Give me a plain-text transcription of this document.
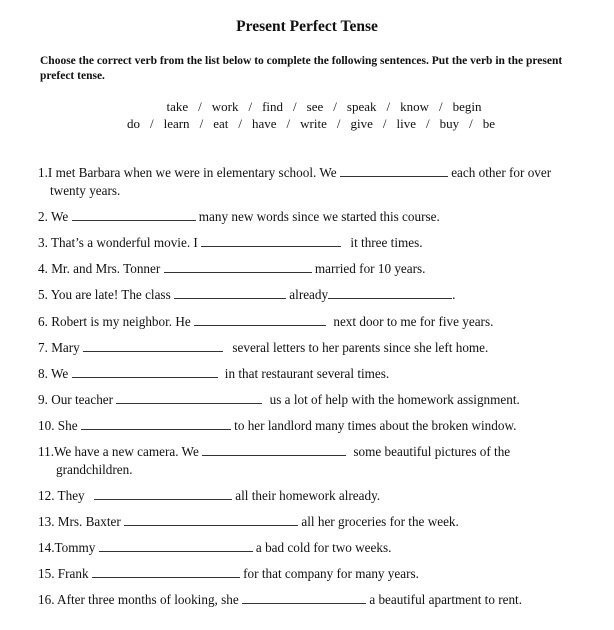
Present Perfect Tense
Choose the correct verb from the list below to complete the following sentences. Put the verb in the present prefect tense.
take / work / find / see / speak / know / begin
do / learn / eat / have / write / give / live / buy / be
1.I met Barbara when we were in elementary school. We	each other for over
twenty years.
2. We	many new words since we started this course.
3. That’s a wonderful movie. I	it three times.
4. Mr. and Mrs. Tonner	married for 10 years.
5. You are late! The class	already	.
6. Robert is my neighbor. He	next door to me for five years.
7. Mary	several letters to her parents since she left home.
8. We	in that restaurant several times.
9. Our teacher	us a lot of help with the homework assignment.
10. She	to her landlord many times about the broken window.
11.We have a new camera. We	some beautiful pictures of the
grandchildren.
12. They	all their homework already.
13. Mrs. Baxter	all her groceries for the week.
14.Tommy	a bad cold for two weeks.
15. Frank	for that company for many years.
16. After three months of looking, she	a beautiful apartment to rent.
